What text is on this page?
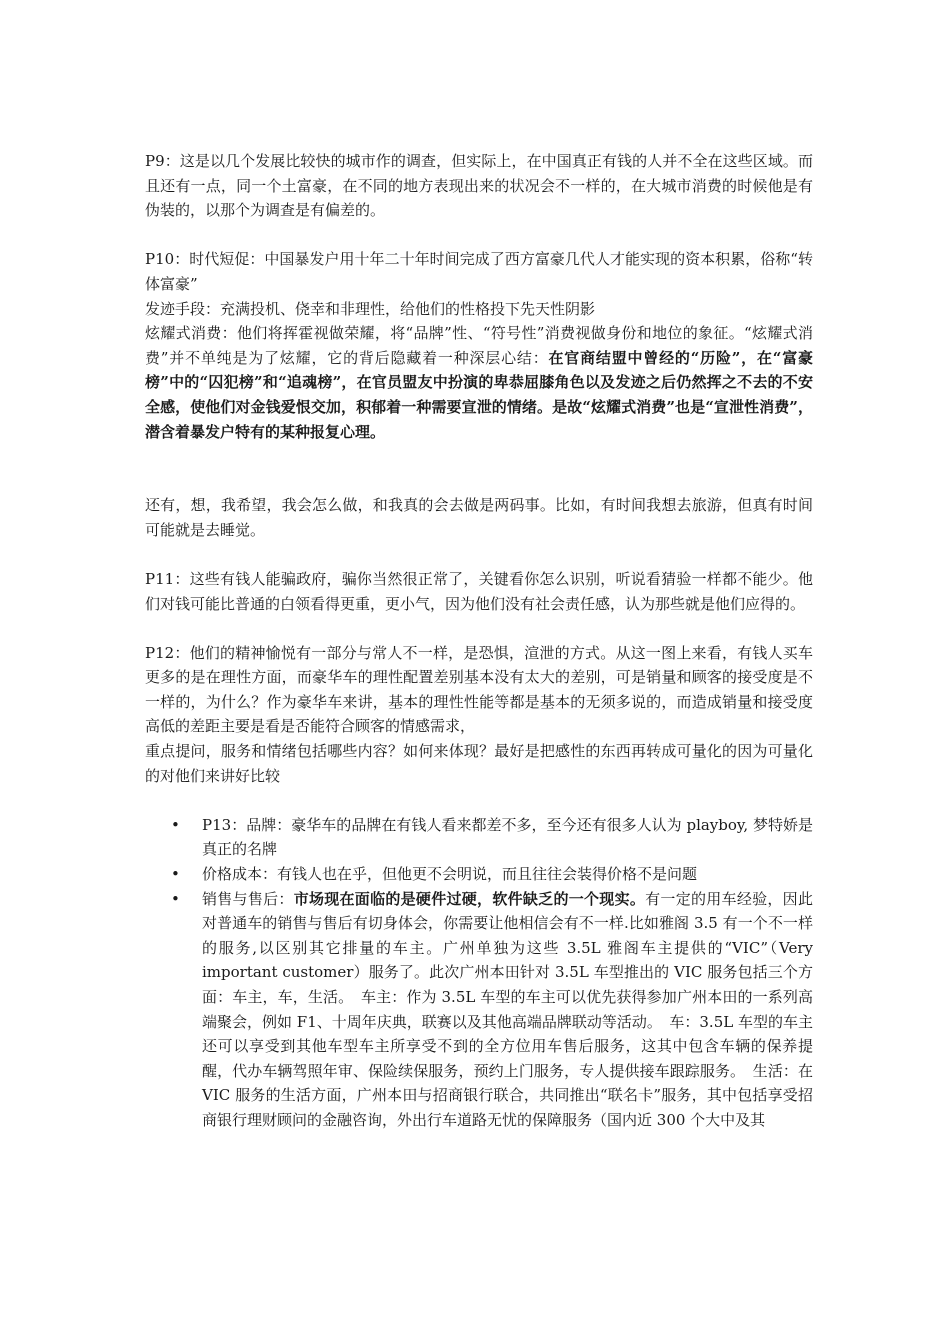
P9：这是以几个发展比较快的城市作的调查，但实际上，在中国真正有钱的人并不全在这些区域。而且还有一点，同一个土富豪，在不同的地方表现出来的状况会不一样的，在大城市消费的时候他是有伪装的，以那个为调查是有偏差的。

P10：时代短促：中国暴发户用十年二十年时间完成了西方富豪几代人才能实现的资本积累，俗称“转体富豪”

发迹手段：充满投机、侥幸和非理性，给他们的性格投下先天性阴影

炫耀式消费：他们将挥霍视做荣耀，将“品牌”性、“符号性”消费视做身份和地位的象征。“炫耀式消费”并不单纯是为了炫耀，它的背后隐藏着一种深层心结：在官商结盟中曾经的“历险”，在“富豪榜”中的“囚犯榜”和“追魂榜”，在官员盟友中扮演的卑恭屈膝角色以及发迹之后仍然挥之不去的不安全感，使他们对金钱爱恨交加，积郁着一种需要宣泄的情绪。是故“炫耀式消费”也是“宣泄性消费”，潜含着暴发户特有的某种报复心理。

还有，想，我希望，我会怎么做，和我真的会去做是两码事。比如，有时间我想去旅游，但真有时间可能就是去睡觉。

P11：这些有钱人能骗政府，骗你当然很正常了，关键看你怎么识别，听说看猜验一样都不能少。他们对钱可能比普通的白领看得更重，更小气，因为他们没有社会责任感，认为那些就是他们应得的。

P12：他们的精神愉悦有一部分与常人不一样，是恐惧，渲泄的方式。从这一图上来看，有钱人买车更多的是在理性方面，而豪华车的理性配置差别基本没有太大的差别，可是销量和顾客的接受度是不一样的，为什么？作为豪华车来讲，基本的理性性能等都是基本的无须多说的，而造成销量和接受度高低的差距主要是看是否能符合顾客的情感需求，

重点提问，服务和情绪包括哪些内容？如何来体现？最好是把感性的东西再转成可量化的因为可量化的对他们来讲好比较

• P13：品牌：豪华车的品牌在有钱人看来都差不多，至今还有很多人认为 playboy, 梦特娇是真正的名牌
• 价格成本：有钱人也在乎，但他更不会明说，而且往往会装得价格不是问题
• 销售与售后：市场现在面临的是硬件过硬，软件缺乏的一个现实。有一定的用车经验，因此对普通车的销售与售后有切身体会，你需要让他相信会有不一样.比如雅阁 3.5 有一个不一样的服务,以区别其它排量的车主。广州单独为这些 3.5L 雅阁车主提供的“VIC”（Very important customer）服务了。此次广州本田针对 3.5L 车型推出的 VIC 服务包括三个方面：车主，车，生活。　车主：作为 3.5L 车型的车主可以优先获得参加广州本田的一系列高端聚会，例如 F1、十周年庆典，联赛以及其他高端品牌联动等活动。　车：3.5L 车型的车主还可以享受到其他车型车主所享受不到的全方位用车售后服务，这其中包含车辆的保养提醒，代办车辆驾照年审、保险续保服务，预约上门服务，专人提供接车跟踪服务。　生活：在 VIC 服务的生活方面，广州本田与招商银行联合，共同推出“联名卡”服务，其中包括享受招商银行理财顾问的金融咨询，外出行车道路无忧的保障服务（国内近 300 个大中及其
